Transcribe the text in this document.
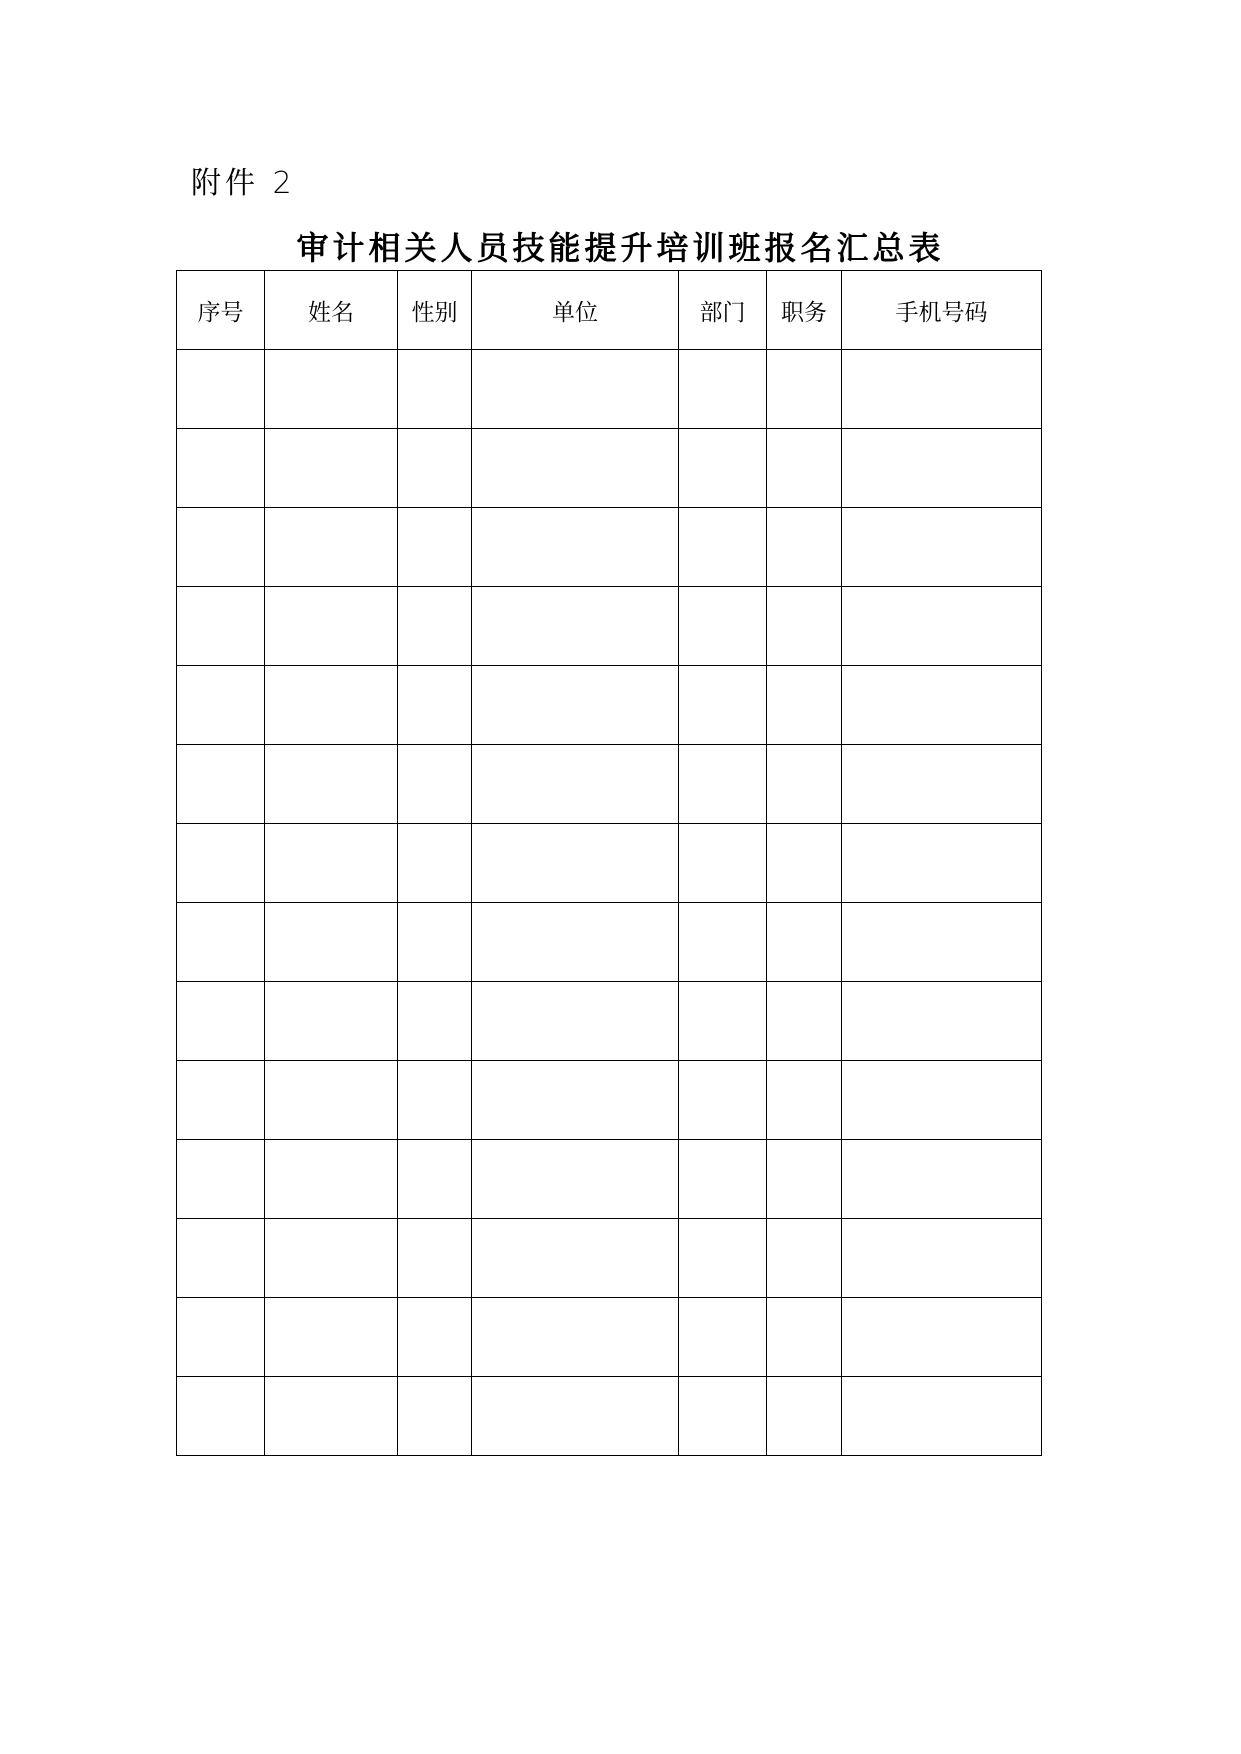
附件 2
审计相关人员技能提升培训班报名汇总表
序号	姓名	性别	单位	部门	职务	手机号码
